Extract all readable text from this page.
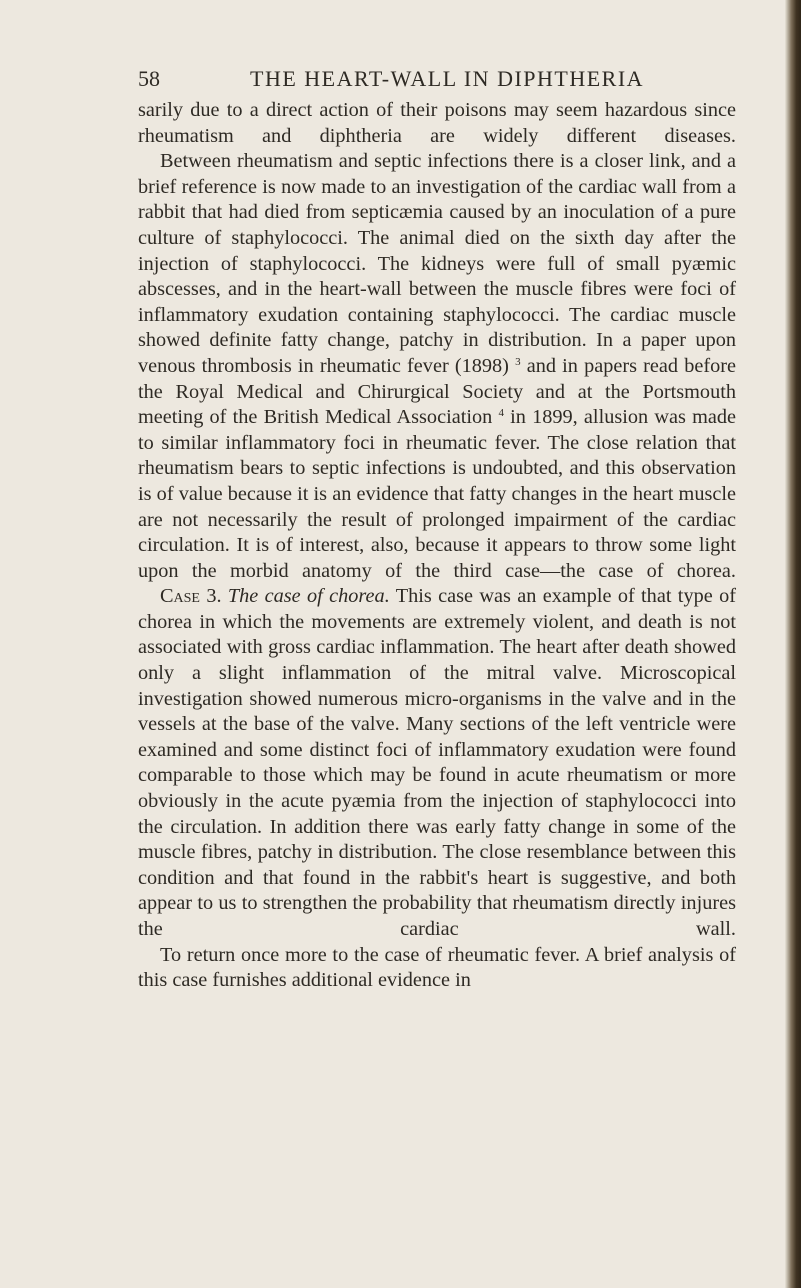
58	THE HEART-WALL IN DIPHTHERIA

sarily due to a direct action of their poisons may seem hazardous since rheumatism and diphtheria are widely different diseases.

Between rheumatism and septic infections there is a closer link, and a brief reference is now made to an investigation of the cardiac wall from a rabbit that had died from septicæmia caused by an inoculation of a pure culture of staphylococci. The animal died on the sixth day after the injection of staphylococci. The kidneys were full of small pyæmic abscesses, and in the heart-wall between the muscle fibres were foci of inflammatory exudation containing staphylococci. The cardiac muscle showed definite fatty change, patchy in distribution. In a paper upon venous thrombosis in rheumatic fever (1898) $^3$ and in papers read before the Royal Medical and Chirurgical Society and at the Portsmouth meeting of the British Medical Association $^4$ in 1899, allusion was made to similar inflammatory foci in rheumatic fever. The close relation that rheumatism bears to septic infections is undoubted, and this observation is of value because it is an evidence that fatty changes in the heart muscle are not necessarily the result of prolonged impairment of the cardiac circulation. It is of interest, also, because it appears to throw some light upon the morbid anatomy of the third case—the case of chorea.

Case 3. The case of chorea. This case was an example of that type of chorea in which the movements are extremely violent, and death is not associated with gross cardiac inflammation. The heart after death showed only a slight inflammation of the mitral valve. Microscopical investigation showed numerous micro-organisms in the valve and in the vessels at the base of the valve. Many sections of the left ventricle were examined and some distinct foci of inflammatory exudation were found comparable to those which may be found in acute rheumatism or more obviously in the acute pyæmia from the injection of staphylococci into the circulation. In addition there was early fatty change in some of the muscle fibres, patchy in distribution. The close resemblance between this condition and that found in the rabbit's heart is suggestive, and both appear to us to strengthen the probability that rheumatism directly injures the cardiac wall.

To return once more to the case of rheumatic fever. A brief analysis of this case furnishes additional evidence in
